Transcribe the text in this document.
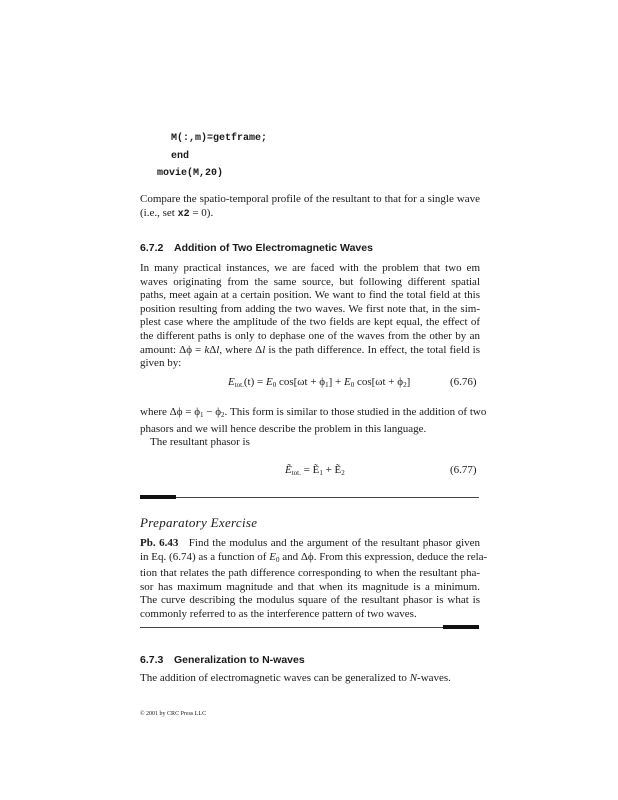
M(:,m)=getframe;
end
movie(M,20)
Compare the spatio-temporal profile of the resultant to that for a single wave
(i.e., set x2 = 0).
6.7.2 Addition of Two Electromagnetic Waves
In many practical instances, we are faced with the problem that two em
waves originating from the same source, but following different spatial
paths, meet again at a certain position. We want to find the total field at this
position resulting from adding the two waves. We first note that, in the sim-
plest case where the amplitude of the two fields are kept equal, the effect of
the different paths is only to dephase one of the waves from the other by an
amount: Δϕ = kΔl, where Δl is the path difference. In effect, the total field is
given by:
$E_{tot.}(t) = E_0$ $\cos[\omega t + \phi_1] + E_0$ $\cos[\omega t + \phi_2]$	(6.76)
where $\Delta\phi = \phi_1 - \phi_2$. This form is similar to those studied in the addition of two
phasors and we will hence describe the problem in this language.
The resultant phasor is
Ẽ$_{tot.}$ = Ẽ$_1$ + Ẽ$_2$	(6.77)
Preparatory Exercise
Pb. 6.43 Find the modulus and the argument of the resultant phasor given
in Eq. (6.74) as a function of $E_0$ and Δϕ. From this expression, deduce the rela-
tion that relates the path difference corresponding to when the resultant pha-
sor has maximum magnitude and that when its magnitude is a minimum.
The curve describing the modulus square of the resultant phasor is what is
commonly referred to as the interference pattern of two waves.
6.7.3 Generalization to N-waves
The addition of electromagnetic waves can be generalized to N-waves.
© 2001 by CRC Press LLC
